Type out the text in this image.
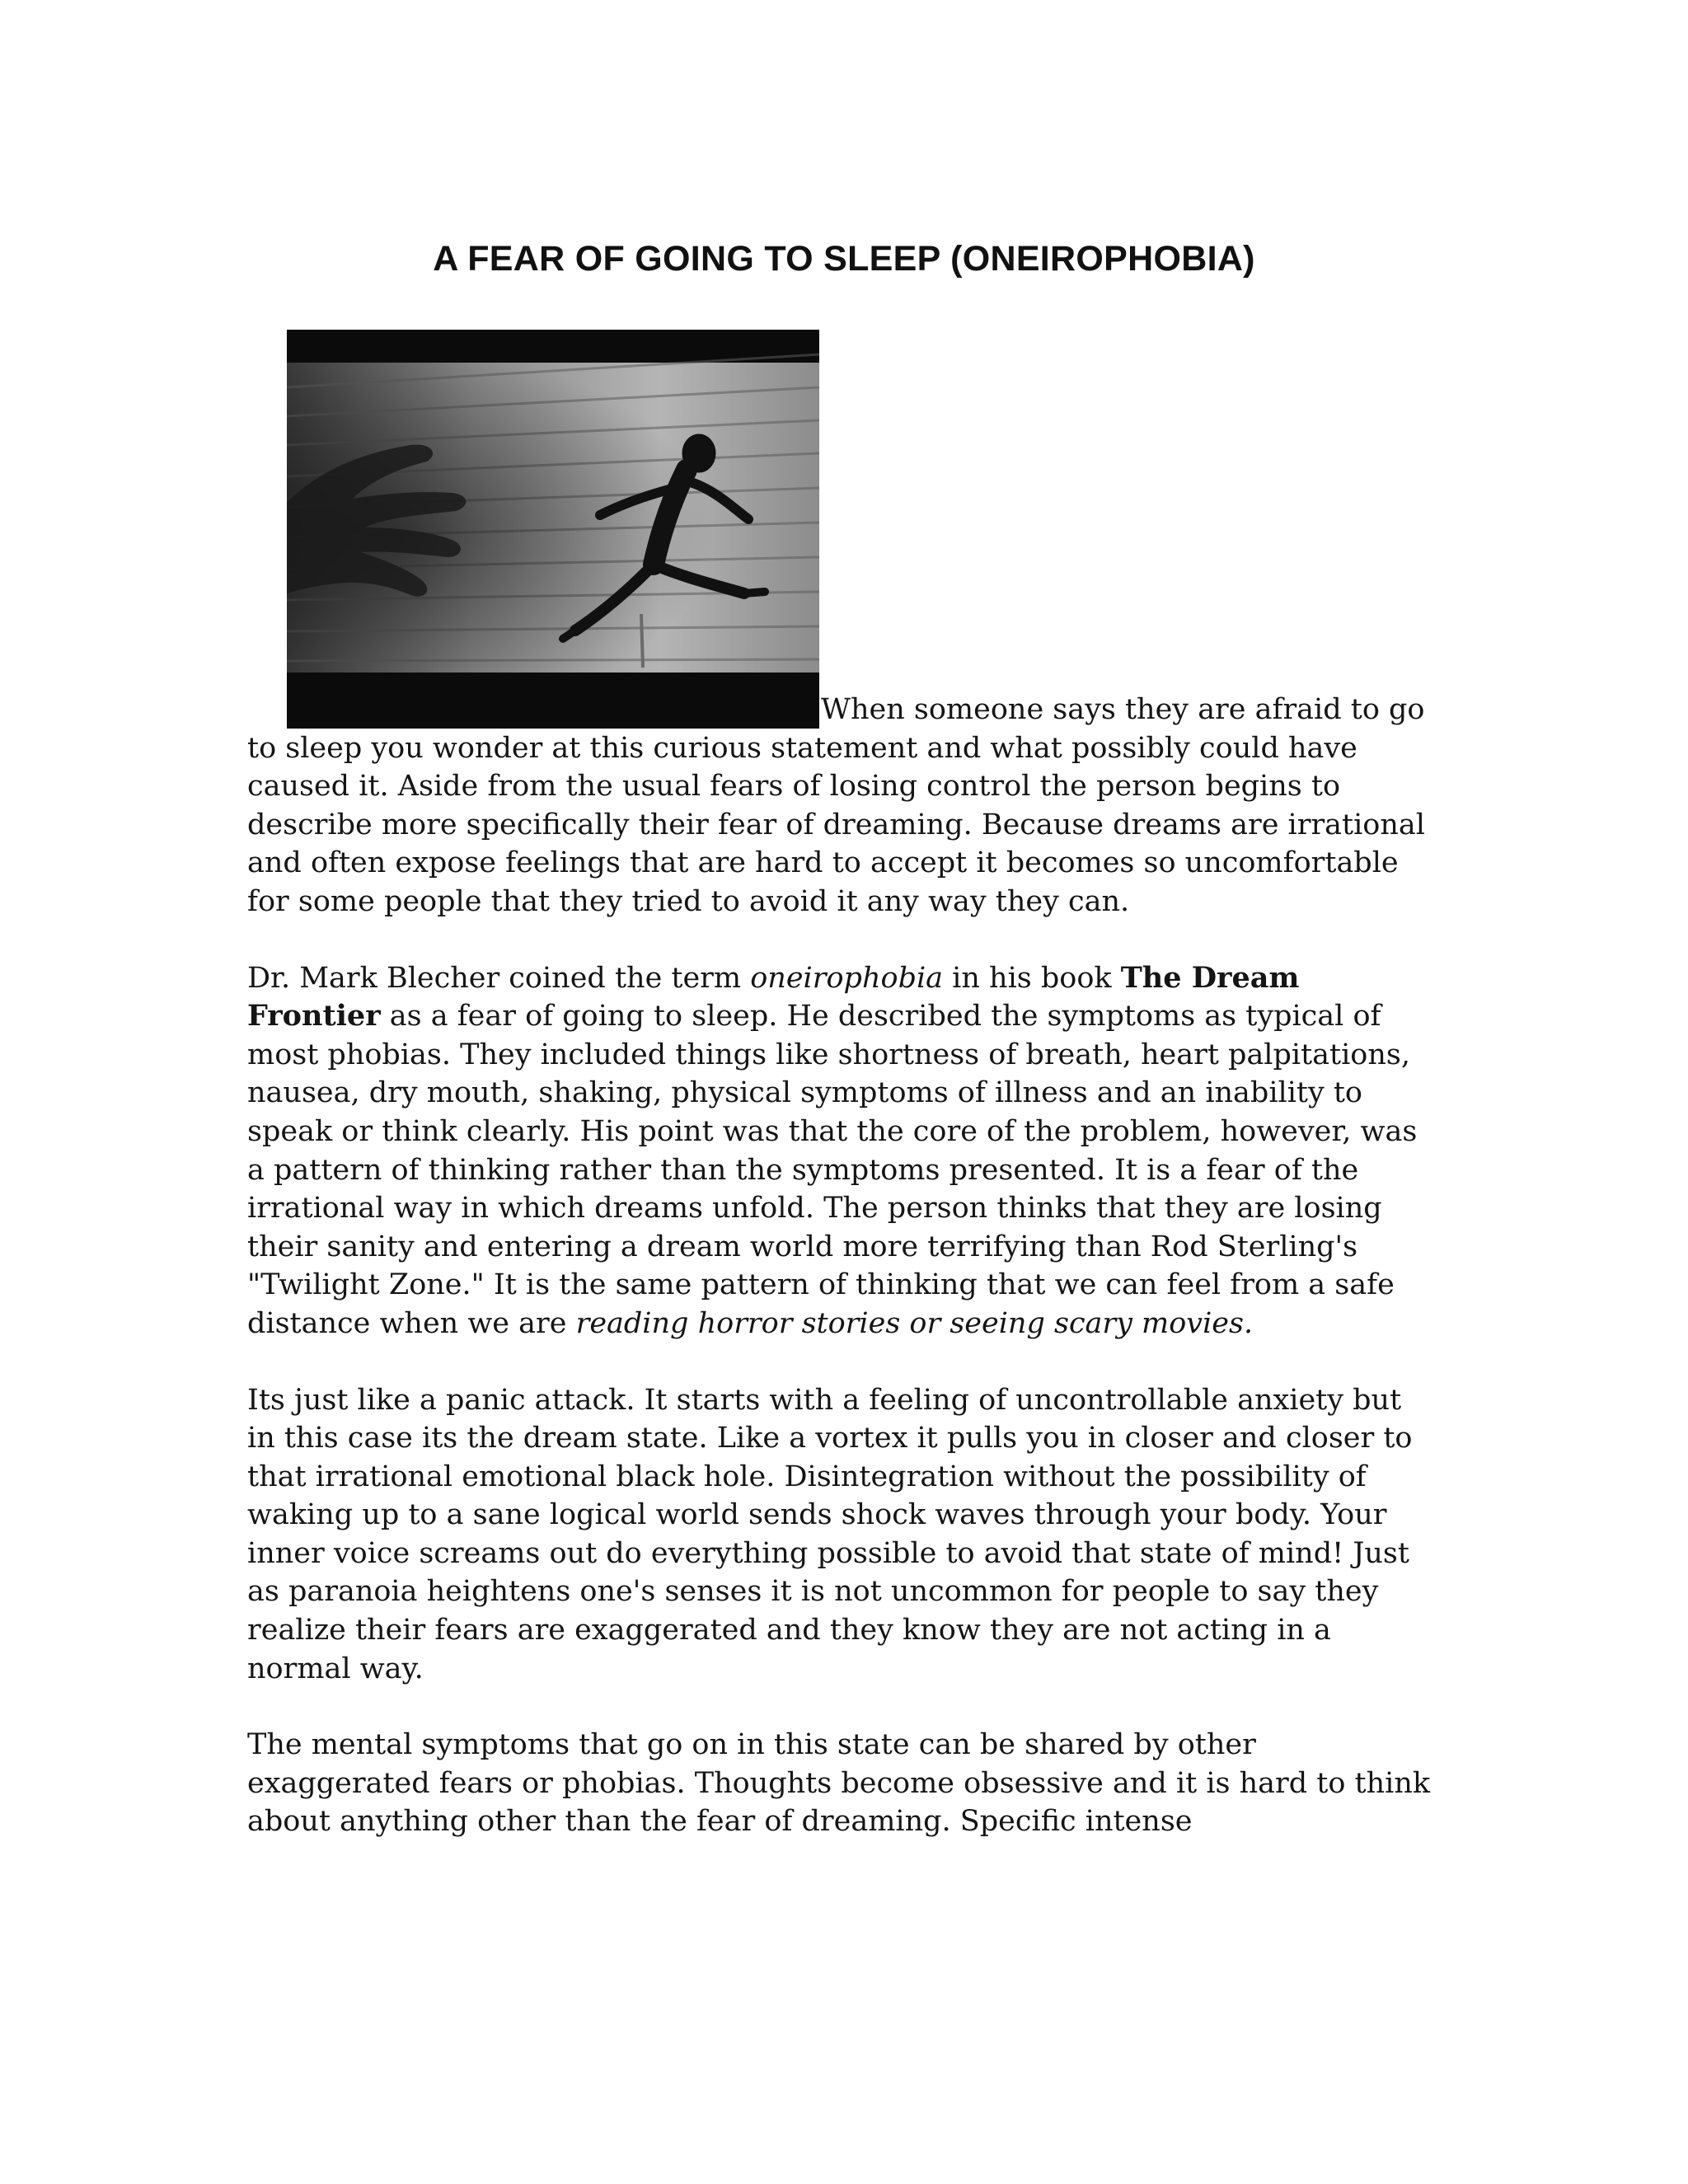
A FEAR OF GOING TO SLEEP (ONEIROPHOBIA)

When someone says they are afraid to go to sleep you wonder at this curious statement and what possibly could have caused it. Aside from the usual fears of losing control the person begins to describe more specifically their fear of dreaming. Because dreams are irrational and often expose feelings that are hard to accept it becomes so uncomfortable for some people that they tried to avoid it any way they can.

Dr. Mark Blecher coined the term oneirophobia in his book The Dream Frontier as a fear of going to sleep. He described the symptoms as typical of most phobias. They included things like shortness of breath, heart palpitations, nausea, dry mouth, shaking, physical symptoms of illness and an inability to speak or think clearly. His point was that the core of the problem, however, was a pattern of thinking rather than the symptoms presented. It is a fear of the irrational way in which dreams unfold. The person thinks that they are losing their sanity and entering a dream world more terrifying than Rod Sterling's "Twilight Zone." It is the same pattern of thinking that we can feel from a safe distance when we are reading horror stories or seeing scary movies.

Its just like a panic attack. It starts with a feeling of uncontrollable anxiety but in this case its the dream state. Like a vortex it pulls you in closer and closer to that irrational emotional black hole. Disintegration without the possibility of waking up to a sane logical world sends shock waves through your body. Your inner voice screams out do everything possible to avoid that state of mind! Just as paranoia heightens one's senses it is not uncommon for people to say they realize their fears are exaggerated and they know they are not acting in a normal way.

The mental symptoms that go on in this state can be shared by other exaggerated fears or phobias. Thoughts become obsessive and it is hard to think about anything other than the fear of dreaming. Specific intense
